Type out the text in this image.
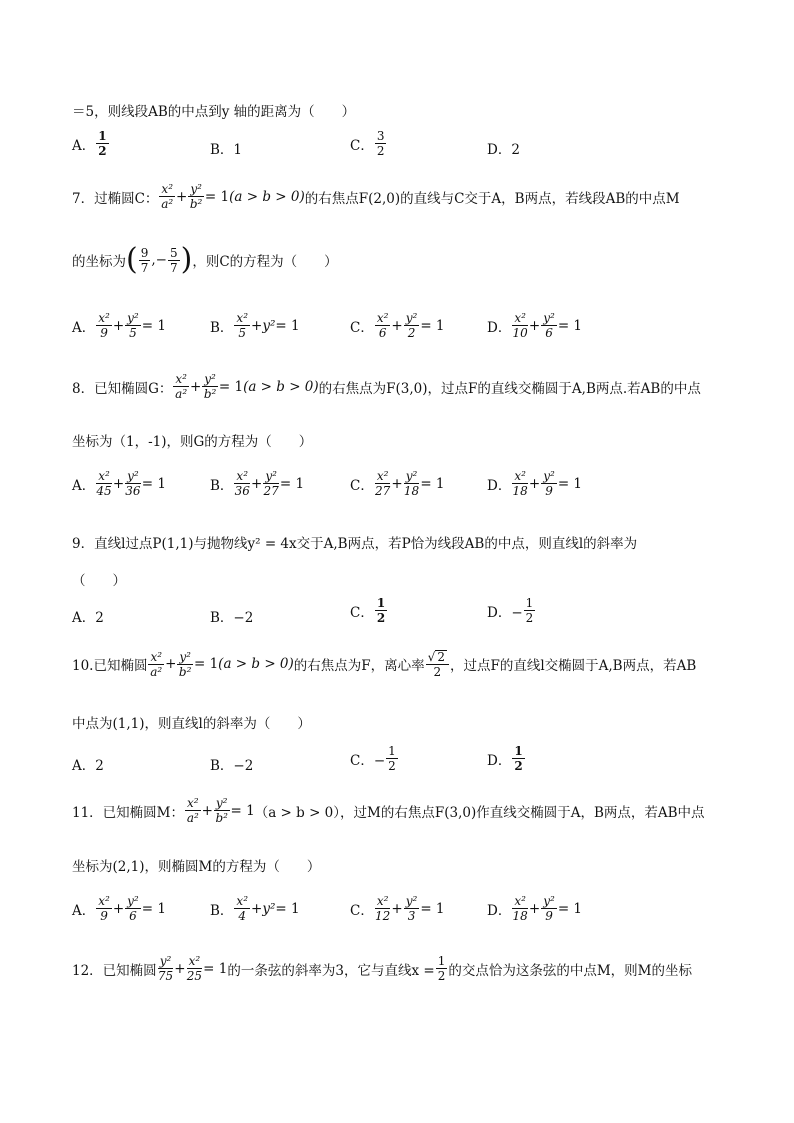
＝5，则线段AB的中点到y 轴的距离为（　　）
A． $\frac{1}{2}$	B．1	C． $\frac{3}{2}$	D．2
7．过椭圆C： $\frac{\text{x²}}{\text{a²}} + \frac{\text{y²}}{\text{b²}} = 1$ (a > b > 0) 的右焦点F(2,0)的直线与C交于A，B两点，若线段AB的中点M
的坐标为 ( $\frac{9}{7}$ ,− $\frac{5}{7}$ ) ，则C的方程为（　　）
A． $\frac{\text{x²}}{9} + \frac{\text{y²}}{5} = 1$	B． $\frac{\text{x²}}{5} + y^2 = 1$	C． $\frac{\text{x²}}{6} + \frac{\text{y²}}{2} = 1$	D． $\frac{\text{x²}}{10} + \frac{\text{y²}}{6} = 1$
8．已知椭圆G： $\frac{\text{x²}}{\text{a²}} + \frac{\text{y²}}{\text{b²}} = 1$ (a > b > 0) 的右焦点为F(3,0)，过点F的直线交椭圆于A,B两点.若AB的中点
坐标为（1，-1)，则G的方程为（　　）
A． $\frac{\text{x²}}{45} + \frac{\text{y²}}{36} = 1$	B． $\frac{\text{x²}}{36} + \frac{\text{y²}}{27} = 1$	C． $\frac{\text{x²}}{27} + \frac{\text{y²}}{18} = 1$	D． $\frac{\text{x²}}{18} + \frac{\text{y²}}{9} = 1$
9．直线l过点P(1,1)与抛物线y² = 4x交于A,B两点，若P恰为线段AB的中点，则直线l的斜率为
（　　）
A．2	B．−2	C． $\frac{1}{2}$	D．− $\frac{1}{2}$
10.已知椭圆 $\frac{\text{x²}}{\text{a²}} + \frac{\text{y²}}{\text{b²}} = 1$ (a > b > 0) 的右焦点为F，离心率 $\frac{√ 2}{2}$ ，过点F的直线l交椭圆于A,B两点，若AB
中点为(1,1)，则直线l的斜率为（　　）
A．2	B．−2	C．− $\frac{1}{2}$	D． $\frac{1}{2}$
11．已知椭圆M： $\frac{\text{x²}}{\text{a²}} + \frac{\text{y²}}{\text{b²}} = 1$ （a > b > 0），过M的右焦点F(3,0)作直线交椭圆于A，B两点，若AB中点
坐标为(2,1)，则椭圆M的方程为（　　）
A． $\frac{\text{x²}}{9} + \frac{\text{y²}}{6} = 1$	B． $\frac{\text{x²}}{4} + y^2 = 1$	C． $\frac{\text{x²}}{12} + \frac{\text{y²}}{3} = 1$	D． $\frac{\text{x²}}{18} + \frac{\text{y²}}{9} = 1$
12．已知椭圆 $\frac{\text{y²}}{75} + \frac{\text{x²}}{25} = 1$ 的一条弦的斜率为3，它与直线$x = \frac{1}{2}$ 的交点恰为这条弦的中点M，则M的坐标
